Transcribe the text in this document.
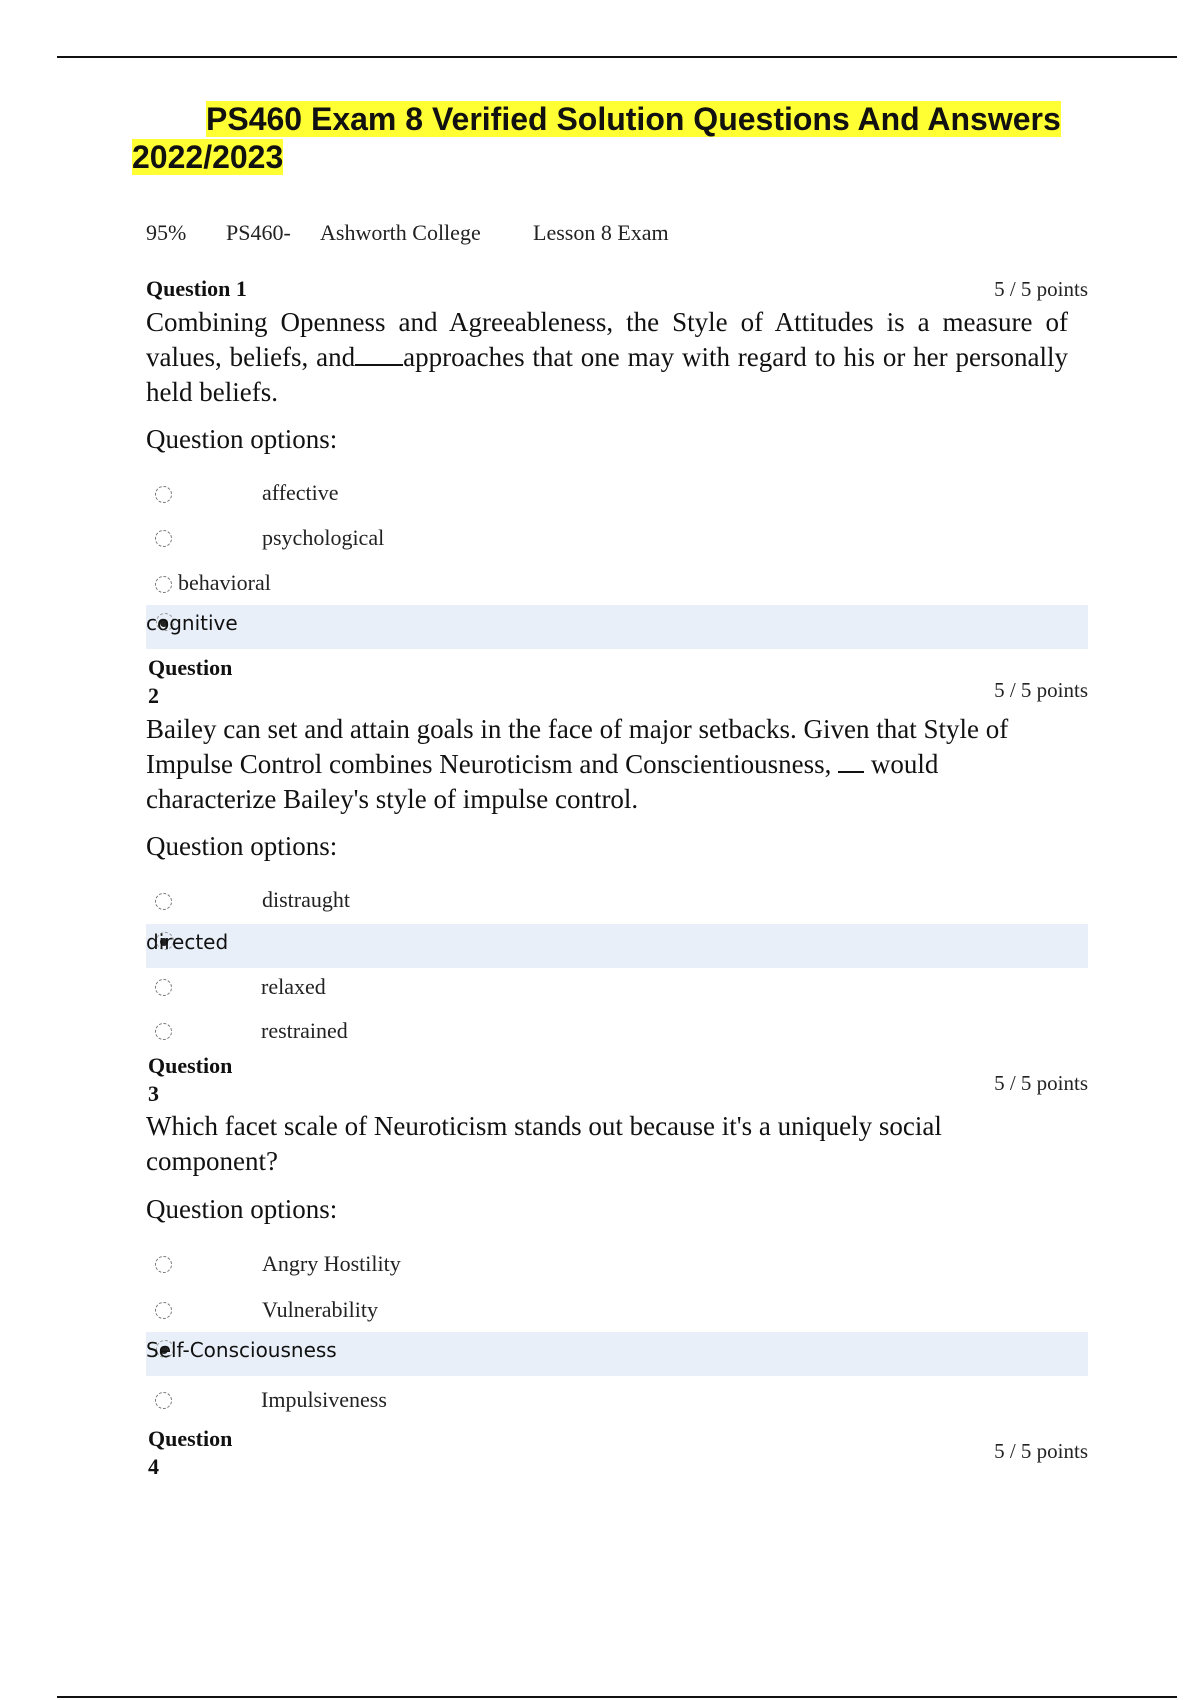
PS460 Exam 8 Verified Solution Questions And Answers
2022/2023
95% PS460- Ashworth College Lesson 8 Exam
Question 1	5 / 5 points
Combining Openness and Agreeableness, the Style of Attitudes is a measure of values, beliefs, and approaches that one may with regard to his or her personally held beliefs.
Question options:
affective
psychological
behavioral
cognitive
Question
2	5 / 5 points
Bailey can set and attain goals in the face of major setbacks. Given that Style of Impulse Control combines Neuroticism and Conscientiousness, would characterize Bailey's style of impulse control.
Question options:
distraught
directed
relaxed
restrained
Question
3	5 / 5 points
Which facet scale of Neuroticism stands out because it's a uniquely social component?
Question options:
Angry Hostility
Vulnerability
Self-Consciousness
Impulsiveness
Question
4
5 / 5 points
